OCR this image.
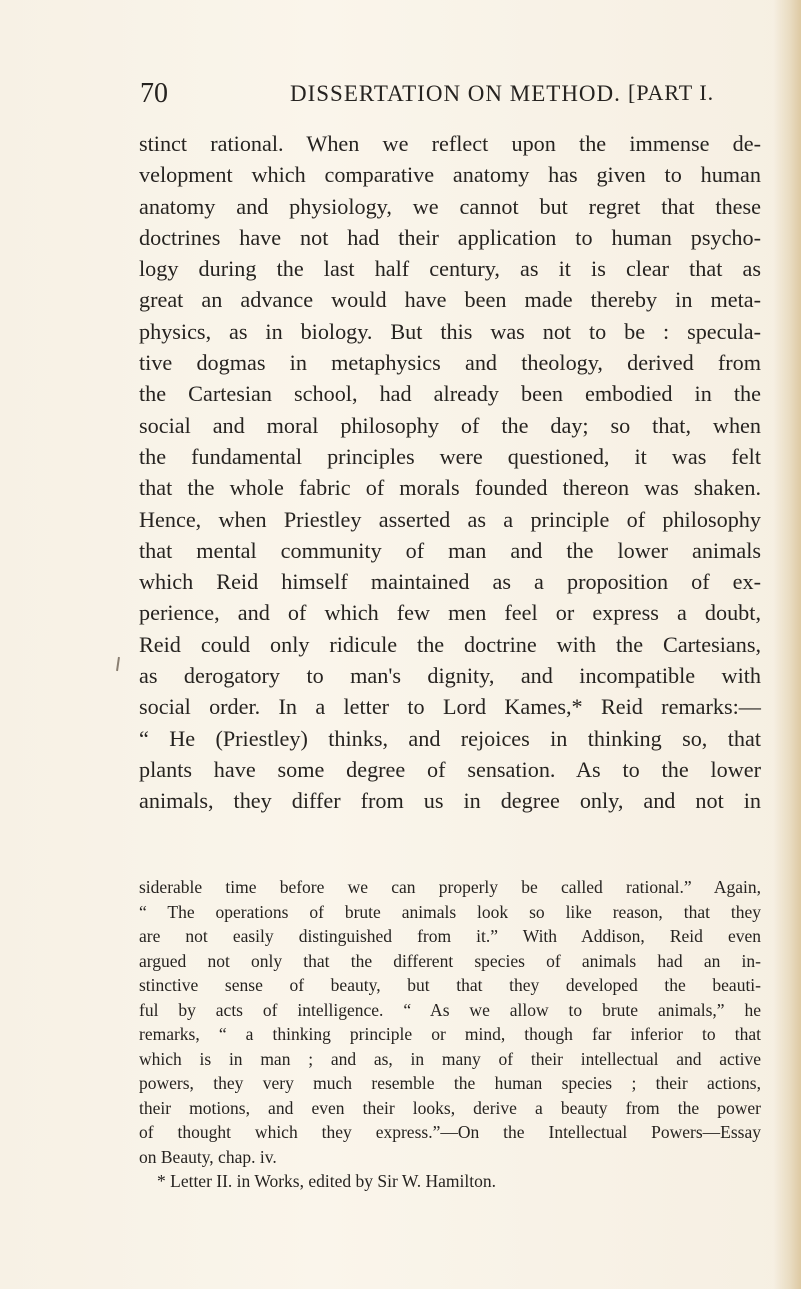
70	DISSERTATION ON METHOD. [PART I.
stinct rational. When we reflect upon the immense de-
velopment which comparative anatomy has given to human
anatomy and physiology, we cannot but regret that these
doctrines have not had their application to human psycho-
logy during the last half century, as it is clear that as
great an advance would have been made thereby in meta-
physics, as in biology. But this was not to be : specula-
tive dogmas in metaphysics and theology, derived from
the Cartesian school, had already been embodied in the
social and moral philosophy of the day; so that, when
the fundamental principles were questioned, it was felt
that the whole fabric of morals founded thereon was shaken.
Hence, when Priestley asserted as a principle of philosophy
that mental community of man and the lower animals
which Reid himself maintained as a proposition of ex-
perience, and of which few men feel or express a doubt,
Reid could only ridicule the doctrine with the Cartesians,
as derogatory to man's dignity, and incompatible with
social order. In a letter to Lord Kames,* Reid remarks:—
“ He (Priestley) thinks, and rejoices in thinking so, that
plants have some degree of sensation. As to the lower
animals, they differ from us in degree only, and not in
siderable time before we can properly be called rational.” Again,
“ The operations of brute animals look so like reason, that they
are not easily distinguished from it.” With Addison, Reid even
argued not only that the different species of animals had an in-
stinctive sense of beauty, but that they developed the beauti-
ful by acts of intelligence. “ As we allow to brute animals,” he
remarks, “ a thinking principle or mind, though far inferior to that
which is in man ; and as, in many of their intellectual and active
powers, they very much resemble the human species ; their actions,
their motions, and even their looks, derive a beauty from the power
of thought which they express.”—On the Intellectual Powers—Essay
on Beauty, chap. iv.
* Letter II. in Works, edited by Sir W. Hamilton.
